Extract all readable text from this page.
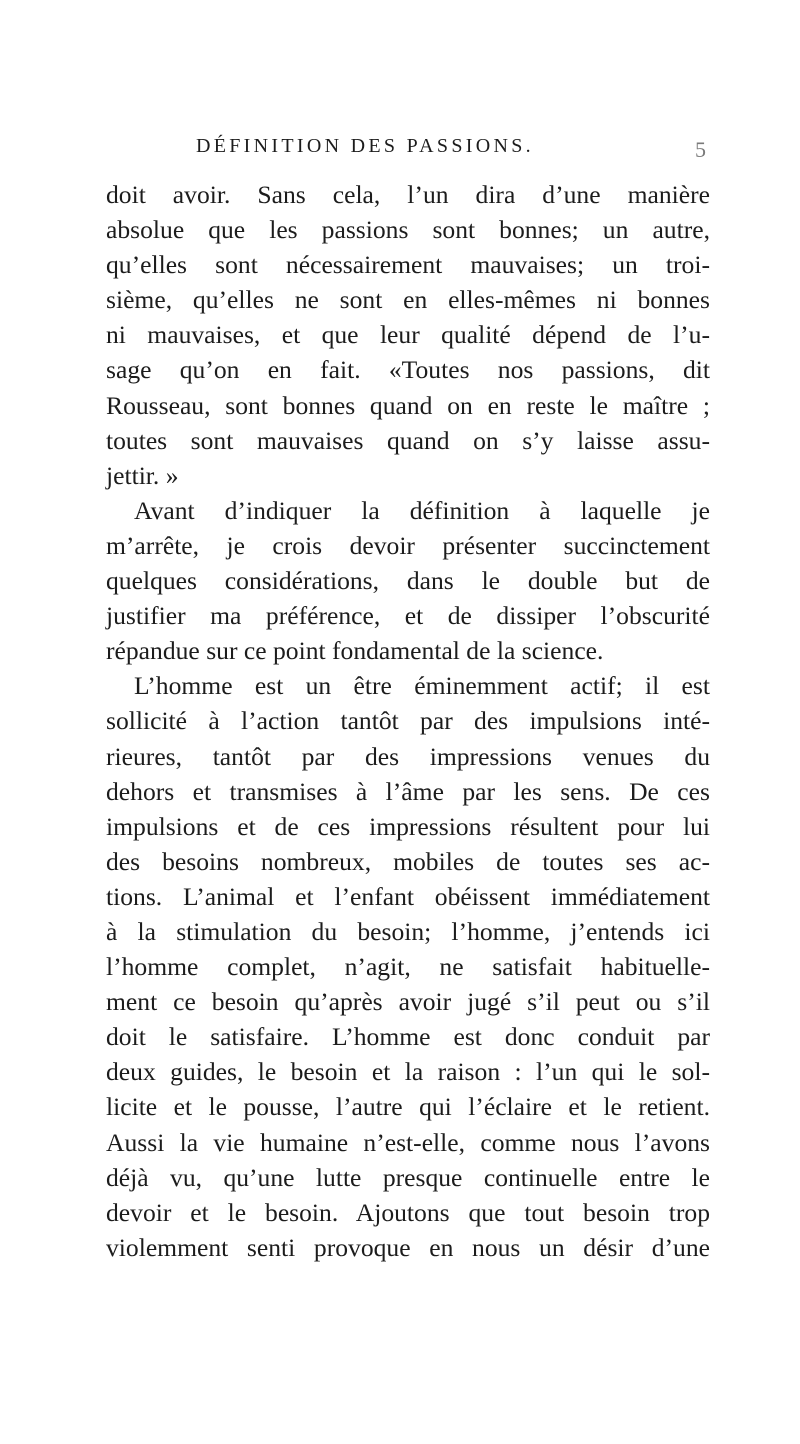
DÉFINITION DES PASSIONS.	5
doit avoir. Sans cela, l’un dira d’une manière
absolue que les passions sont bonnes; un autre,
qu’elles sont nécessairement mauvaises; un troi-
sième, qu’elles ne sont en elles-mêmes ni bonnes
ni mauvaises, et que leur qualité dépend de l’u-
sage qu’on en fait. «Toutes nos passions, dit
Rousseau, sont bonnes quand on en reste le maître ;
toutes sont mauvaises quand on s’y laisse assu-
jettir. »
Avant d’indiquer la définition à laquelle je
m’arrête, je crois devoir présenter succinctement
quelques considérations, dans le double but de
justifier ma préférence, et de dissiper l’obscurité
répandue sur ce point fondamental de la science.
L’homme est un être éminemment actif; il est
sollicité à l’action tantôt par des impulsions inté-
rieures, tantôt par des impressions venues du
dehors et transmises à l’âme par les sens. De ces
impulsions et de ces impressions résultent pour lui
des besoins nombreux, mobiles de toutes ses ac-
tions. L’animal et l’enfant obéissent immédiatement
à la stimulation du besoin; l’homme, j’entends ici
l’homme complet, n’agit, ne satisfait habituelle-
ment ce besoin qu’après avoir jugé s’il peut ou s’il
doit le satisfaire. L’homme est donc conduit par
deux guides, le besoin et la raison : l’un qui le sol-
licite et le pousse, l’autre qui l’éclaire et le retient.
Aussi la vie humaine n’est-elle, comme nous l’avons
déjà vu, qu’une lutte presque continuelle entre le
devoir et le besoin. Ajoutons que tout besoin trop
violemment senti provoque en nous un désir d’une
